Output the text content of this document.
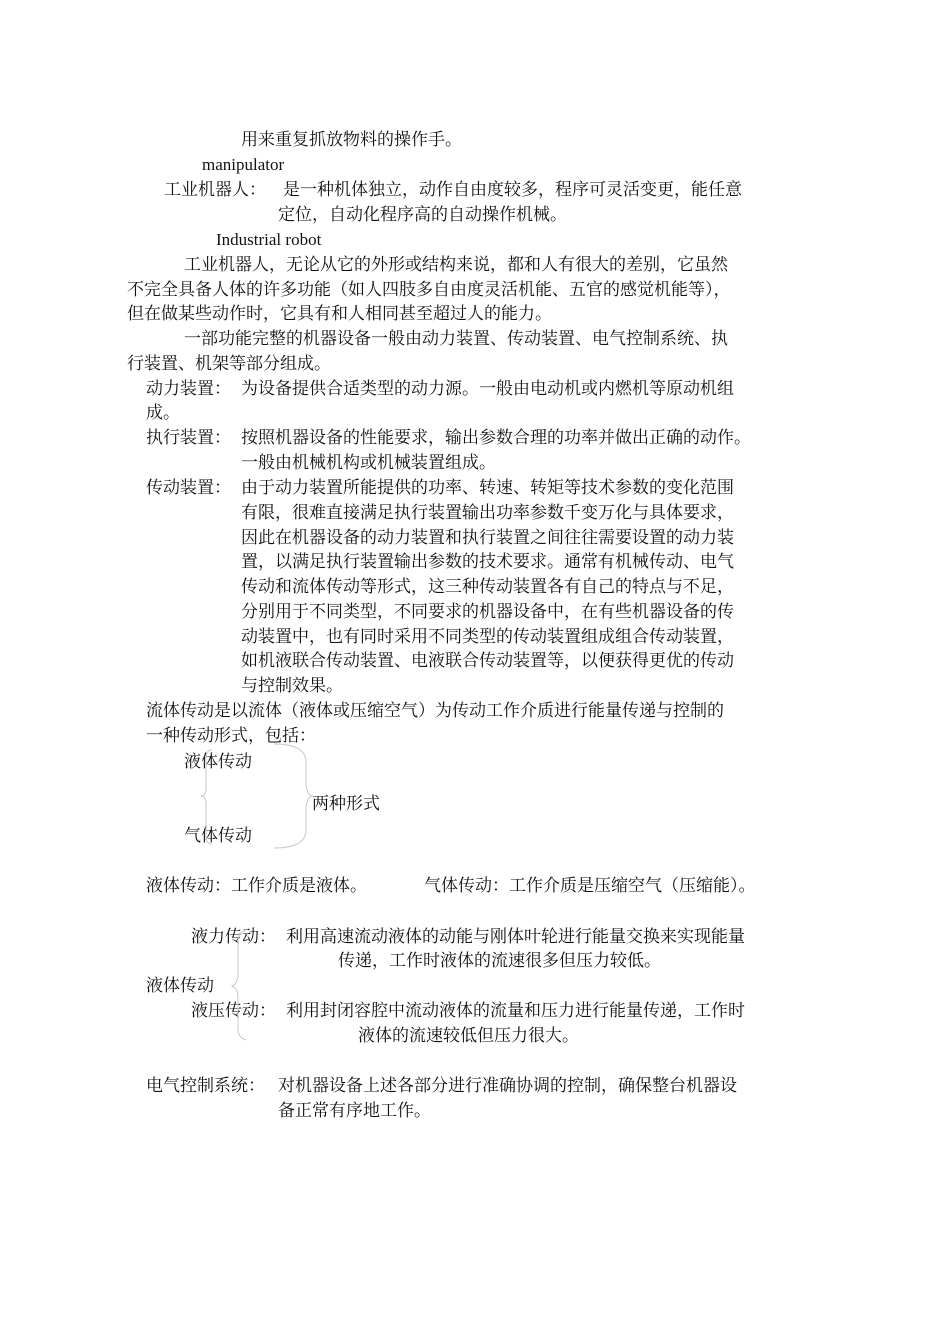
用来重复抓放物料的操作手。
manipulator
工业机器人： 是一种机体独立，动作自由度较多，程序可灵活变更，能任意
定位，自动化程序高的自动操作机械。
Industrial robot
工业机器人，无论从它的外形或结构来说，都和人有很大的差别，它虽然
不完全具备人体的许多功能（如人四肢多自由度灵活机能、五官的感觉机能等），
但在做某些动作时，它具有和人相同甚至超过人的能力。
一部功能完整的机器设备一般由动力装置、传动装置、电气控制系统、执
行装置、机架等部分组成。
动力装置： 为设备提供合适类型的动力源。一般由电动机或内燃机等原动机组
成。
执行装置： 按照机器设备的性能要求，输出参数合理的功率并做出正确的动作。
一般由机械机构或机械装置组成。
传动装置： 由于动力装置所能提供的功率、转速、转矩等技术参数的变化范围
有限，很难直接满足执行装置输出功率参数千变万化与具体要求，
因此在机器设备的动力装置和执行装置之间往往需要设置的动力装
置，以满足执行装置输出参数的技术要求。通常有机械传动、电气
传动和流体传动等形式，这三种传动装置各有自己的特点与不足，
分别用于不同类型，不同要求的机器设备中，在有些机器设备的传
动装置中，也有同时采用不同类型的传动装置组成组合传动装置，
如机液联合传动装置、电液联合传动装置等，以便获得更优的传动
与控制效果。
流体传动是以流体（液体或压缩空气）为传动工作介质进行能量传递与控制的
一种传动形式，包括：
液体传动
气体传动
两种形式
液体传动：工作介质是液体。	气体传动：工作介质是压缩空气（压缩能）。
液力传动： 利用高速流动液体的动能与刚体叶轮进行能量交换来实现能量
传递，工作时液体的流速很多但压力较低。
液体传动
液压传动： 利用封闭容腔中流动液体的流量和压力进行能量传递，工作时
液体的流速较低但压力很大。
电气控制系统： 对机器设备上述各部分进行准确协调的控制，确保整台机器设
备正常有序地工作。
